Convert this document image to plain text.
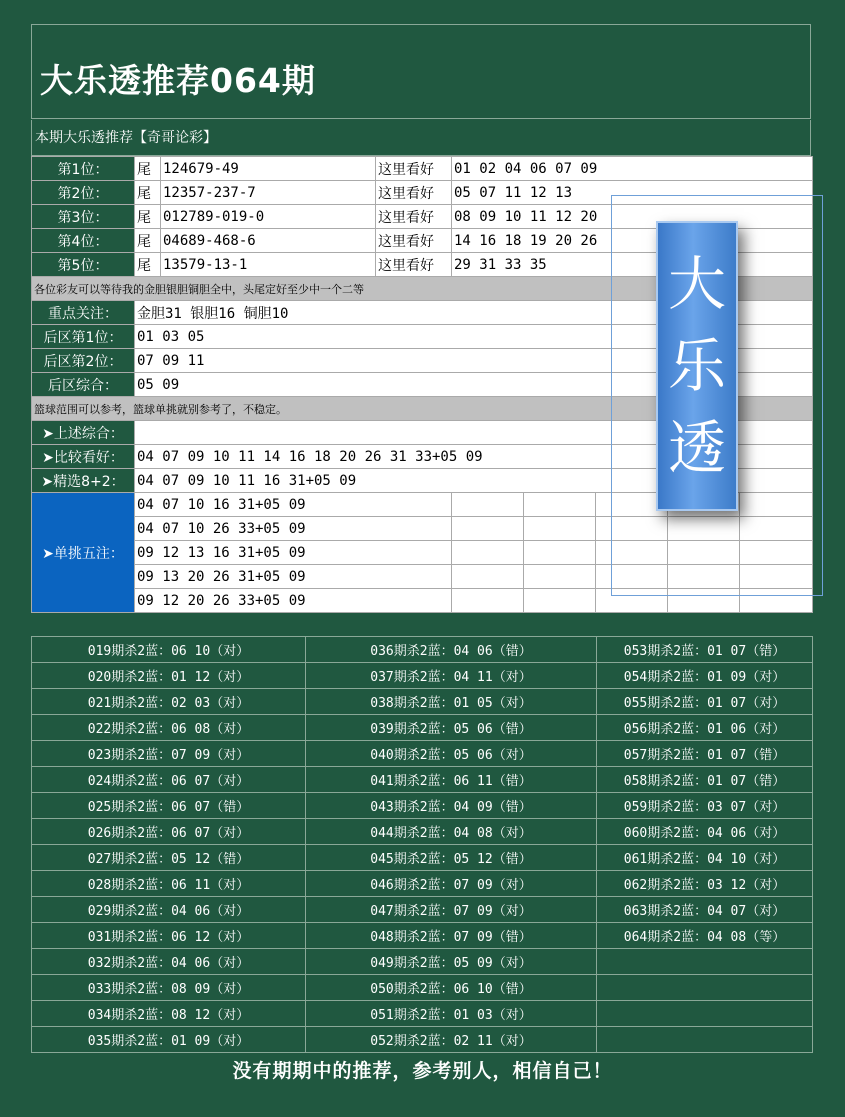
大乐透推荐064期
本期大乐透推荐【奇哥论彩】
第1位：	尾	124679-49	这里看好	01 02 04 06 07 09				
第2位：	尾	12357-237-7	这里看好	05 07 11 12 13				
第3位：	尾	012789-019-0	这里看好	08 09 10 11 12 20				
第4位：	尾	04689-468-6	这里看好	14 16 18 19 20 26				
第5位：	尾	13579-13-1	这里看好	29 31 33 35				
各位彩友可以等待我的金胆银胆铜胆全中，头尾定好至少中一个二等								
重点关注：	金胆31 银胆16 铜胆10							
后区第1位：	01 03 05							
后区第2位：	07 09 11							
后区综合：	05 09							
篮球范围可以参考，篮球单挑就别参考了，不稳定。								
➤上述综合：								
➤比较看好：	04 07 09 10 11 14 16 18 20 26 31 33+05 09							
➤精选8+2：	04 07 09 10 11 16 31+05 09							
➤单挑五注：	04 07 10 16 31+05 09							
	04 07 10 26 33+05 09							
	09 12 13 16 31+05 09							
	09 13 20 26 31+05 09							
	09 12 20 26 33+05 09							

大
乐
透
019期杀2蓝：06 10（对）	036期杀2蓝：04 06（错）	053期杀2蓝：01 07（错）
020期杀2蓝：01 12（对）	037期杀2蓝：04 11（对）	054期杀2蓝：01 09（对）
021期杀2蓝：02 03（对）	038期杀2蓝：01 05（对）	055期杀2蓝：01 07（对）
022期杀2蓝：06 08（对）	039期杀2蓝：05 06（错）	056期杀2蓝：01 06（对）
023期杀2蓝：07 09（对）	040期杀2蓝：05 06（对）	057期杀2蓝：01 07（错）
024期杀2蓝：06 07（对）	041期杀2蓝：06 11（错）	058期杀2蓝：01 07（错）
025期杀2蓝：06 07（错）	043期杀2蓝：04 09（错）	059期杀2蓝：03 07（对）
026期杀2蓝：06 07（对）	044期杀2蓝：04 08（对）	060期杀2蓝：04 06（对）
027期杀2蓝：05 12（错）	045期杀2蓝：05 12（错）	061期杀2蓝：04 10（对）
028期杀2蓝：06 11（对）	046期杀2蓝：07 09（对）	062期杀2蓝：03 12（对）
029期杀2蓝：04 06（对）	047期杀2蓝：07 09（对）	063期杀2蓝：04 07（对）
031期杀2蓝：06 12（对）	048期杀2蓝：07 09（错）	064期杀2蓝：04 08（等）
032期杀2蓝：04 06（对）	049期杀2蓝：05 09（对）	
033期杀2蓝：08 09（对）	050期杀2蓝：06 10（错）	
034期杀2蓝：08 12（对）	051期杀2蓝：01 03（对）	
035期杀2蓝：01 09（对）	052期杀2蓝：02 11（对）	
没有期期中的推荐，参考别人，相信自己！
